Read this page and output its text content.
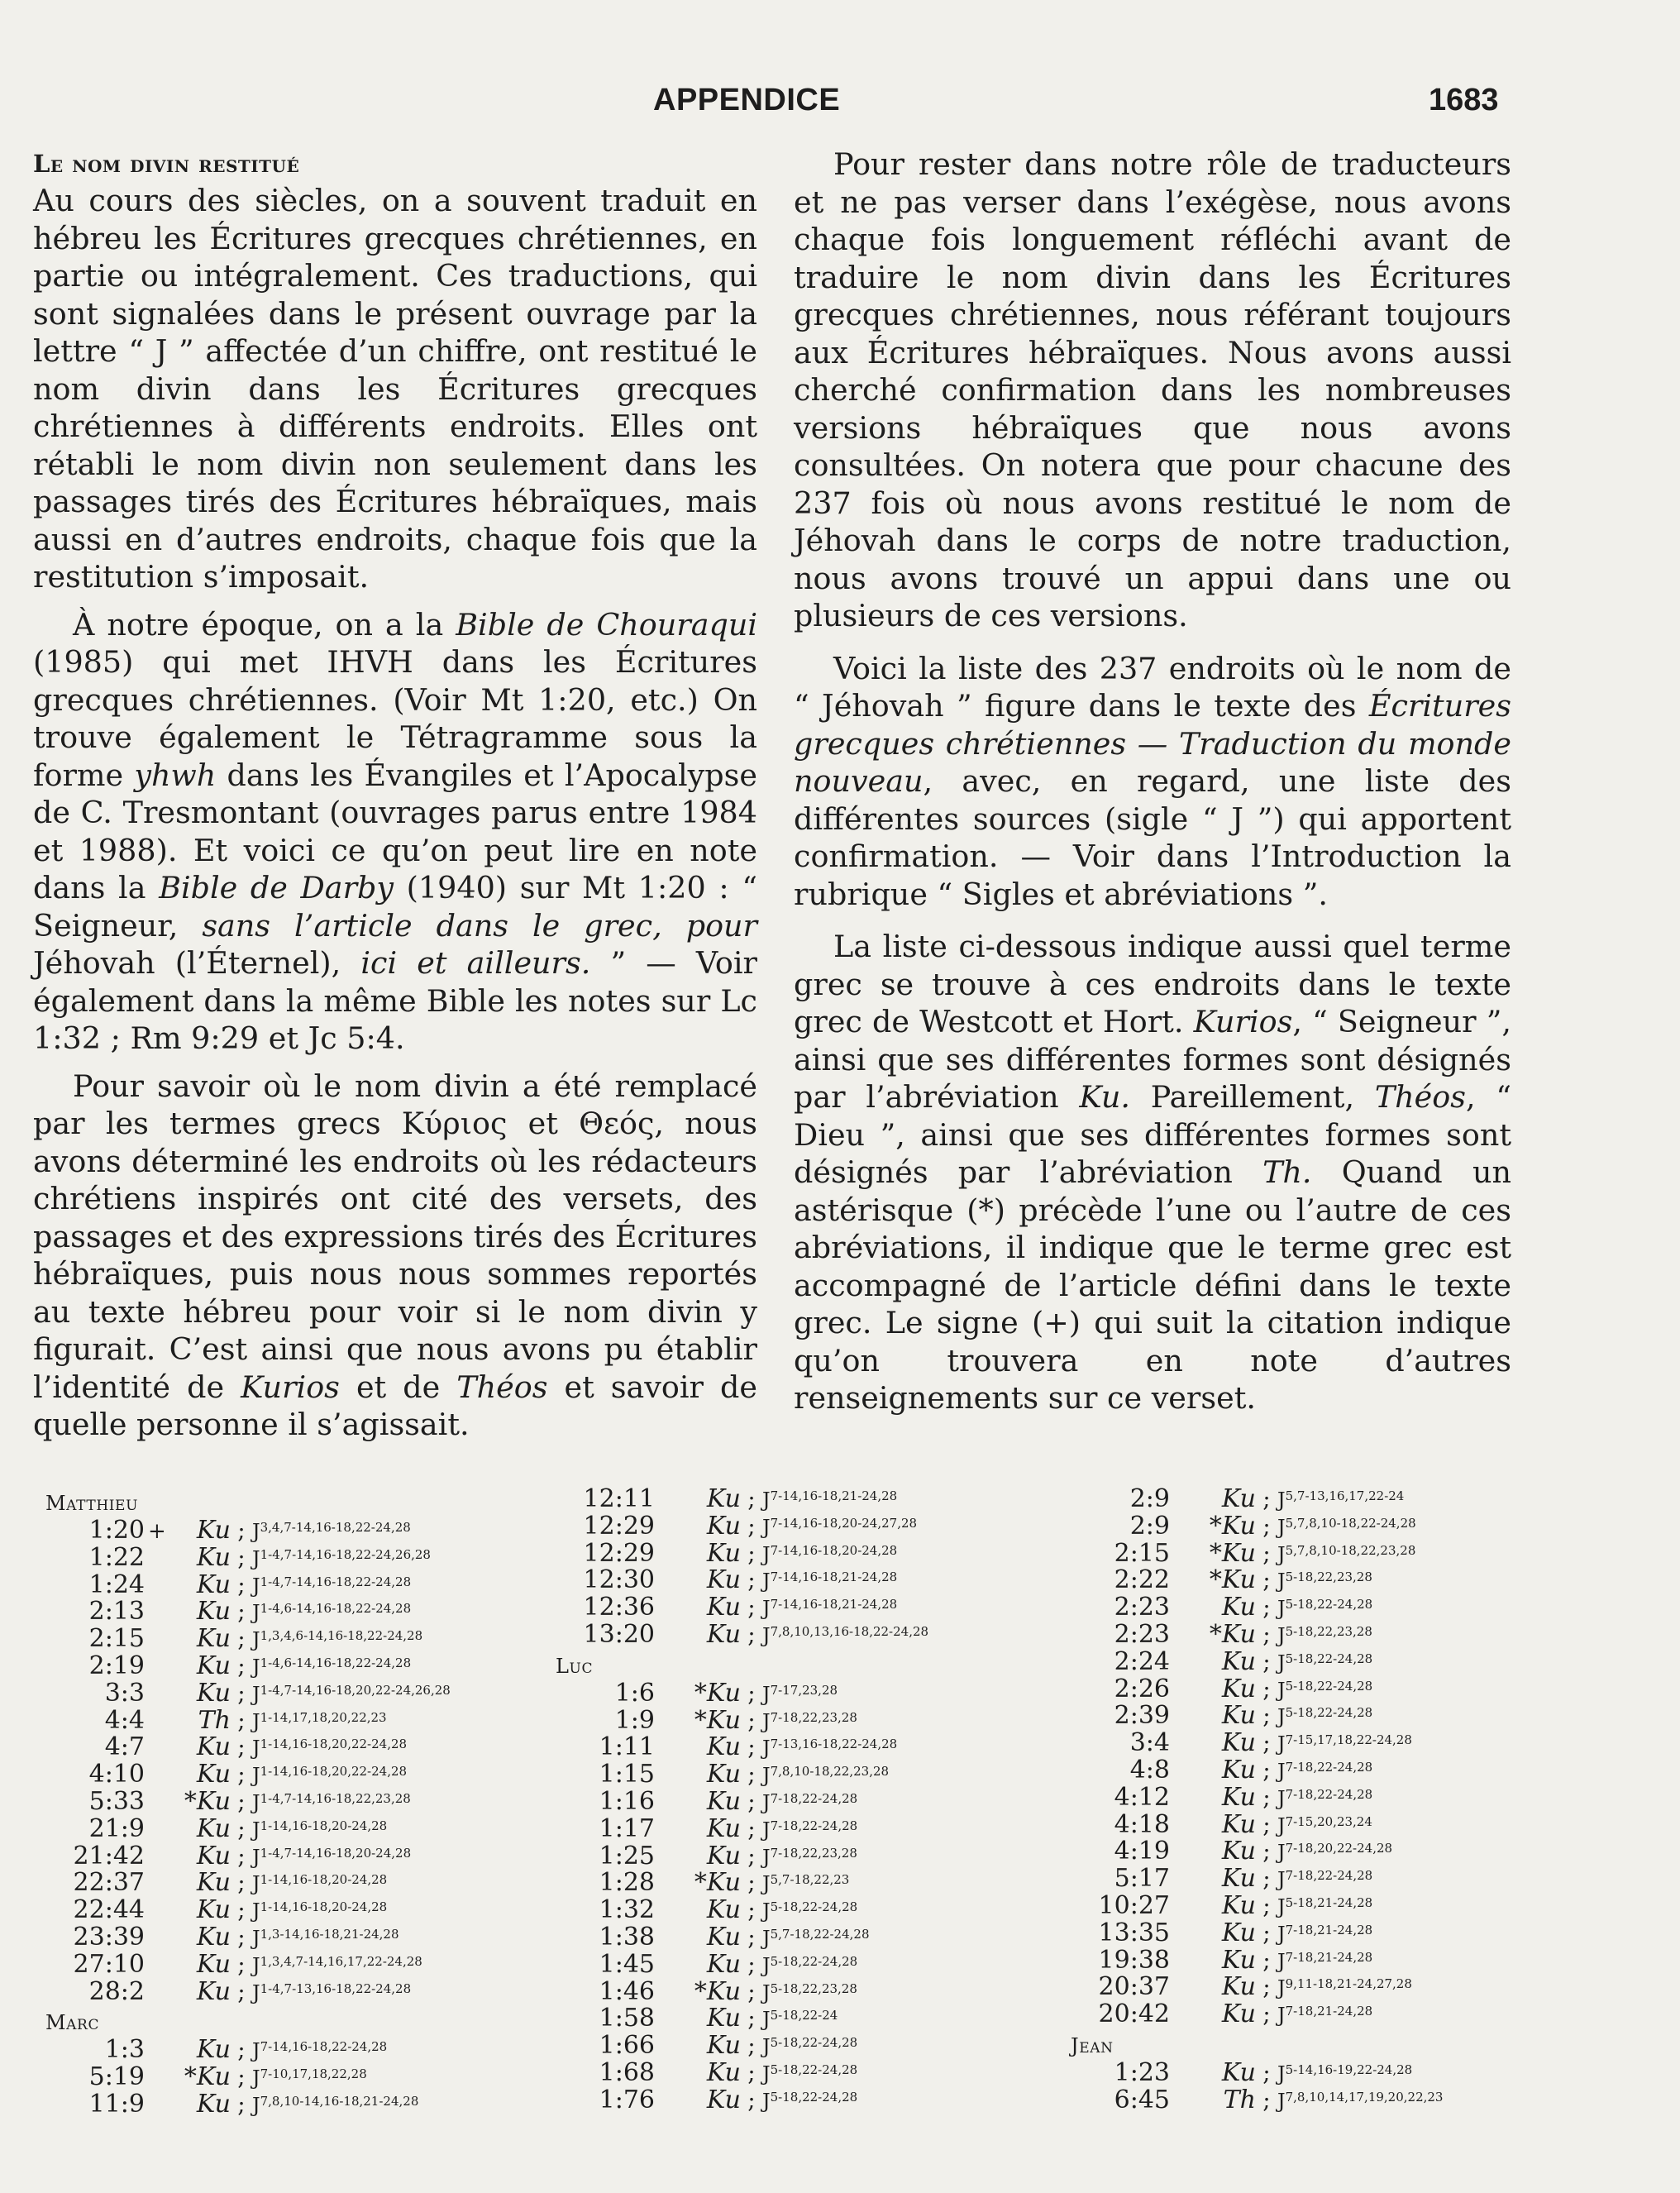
APPENDICE	1683
Le nom divin restitué

Au cours des siècles, on a souvent traduit en hébreu les Écritures grecques chrétiennes, en partie ou intégralement. Ces traductions, qui sont signalées dans le présent ouvrage par la lettre “ J ” affectée d’un chiffre, ont restitué le nom divin dans les Écritures grecques chrétiennes à différents endroits. Elles ont rétabli le nom divin non seulement dans les passages tirés des Écritures hébraïques, mais aussi en d’autres endroits, chaque fois que la restitution s’imposait.

À notre époque, on a la Bible de Chouraqui (1985) qui met IHVH dans les Écritures grecques chrétiennes. (Voir Mt 1:20, etc.) On trouve également le Tétragramme sous la forme yhwh dans les Évangiles et l’Apocalypse de C. Tresmontant (ouvrages parus entre 1984 et 1988). Et voici ce qu’on peut lire en note dans la Bible de Darby (1940) sur Mt 1:20 : “ Seigneur, sans l’article dans le grec, pour Jéhovah (l’Éternel), ici et ailleurs. ” — Voir également dans la même Bible les notes sur Lc 1:32 ; Rm 9:29 et Jc 5:4.

Pour savoir où le nom divin a été remplacé par les termes grecs Κύριος et Θεός, nous avons déterminé les endroits où les rédacteurs chrétiens inspirés ont cité des versets, des passages et des expressions tirés des Écritures hébraïques, puis nous nous sommes reportés au texte hébreu pour voir si le nom divin y figurait. C’est ainsi que nous avons pu établir l’identité de Kurios et de Théos et savoir de quelle personne il s’agissait.

Pour rester dans notre rôle de traducteurs et ne pas verser dans l’exégèse, nous avons chaque fois longuement réfléchi avant de traduire le nom divin dans les Écritures grecques chrétiennes, nous référant toujours aux Écritures hébraïques. Nous avons aussi cherché confirmation dans les nombreuses versions hébraïques que nous avons consultées. On notera que pour chacune des 237 fois où nous avons restitué le nom de Jéhovah dans le corps de notre traduction, nous avons trouvé un appui dans une ou plusieurs de ces versions.

Voici la liste des 237 endroits où le nom de “ Jéhovah ” figure dans le texte des Écritures grecques chrétiennes — Traduction du monde nouveau, avec, en regard, une liste des différentes sources (sigle “ J ”) qui apportent confirmation. — Voir dans l’Introduction la rubrique “ Sigles et abréviations ”.

La liste ci-dessous indique aussi quel terme grec se trouve à ces endroits dans le texte grec de Westcott et Hort. Kurios, “ Seigneur ”, ainsi que ses différentes formes sont désignés par l’abréviation Ku. Pareillement, Théos, “ Dieu ”, ainsi que ses différentes formes sont désignés par l’abréviation Th. Quand un astérisque (*) précède l’une ou l’autre de ces abréviations, il indique que le terme grec est accompagné de l’article défini dans le texte grec. Le signe (+) qui suit la citation indique qu’on trouvera en note d’autres renseignements sur ce verset.

Matthieu
1:20 +	Ku ; J$^{3,4,7-14,16-18,22-24,28}$
1:22	Ku ; J$^{1-4,7-14,16-18,22-24,26,28}$
1:24	Ku ; J$^{1-4,7-14,16-18,22-24,28}$
2:13	Ku ; J$^{1-4,6-14,16-18,22-24,28}$
2:15	Ku ; J$^{1,3,4,6-14,16-18,22-24,28}$
2:19	Ku ; J$^{1-4,6-14,16-18,22-24,28}$
3:3	Ku ; J$^{1-4,7-14,16-18,20,22-24,26,28}$
4:4	Th ; J$^{1-14,17,18,20,22,23}$
4:7	Ku ; J$^{1-14,16-18,20,22-24,28}$
4:10	Ku ; J$^{1-14,16-18,20,22-24,28}$
5:33	*Ku ; J$^{1-4,7-14,16-18,22,23,28}$
21:9	Ku ; J$^{1-14,16-18,20-24,28}$
21:42	Ku ; J$^{1-4,7-14,16-18,20-24,28}$
22:37	Ku ; J$^{1-14,16-18,20-24,28}$
22:44	Ku ; J$^{1-14,16-18,20-24,28}$
23:39	Ku ; J$^{1,3-14,16-18,21-24,28}$
27:10	Ku ; J$^{1,3,4,7-14,16,17,22-24,28}$
28:2	Ku ; J$^{1-4,7-13,16-18,22-24,28}$
Marc
1:3	Ku ; J$^{7-14,16-18,22-24,28}$
5:19	*Ku ; J$^{7-10,17,18,22,28}$
11:9	Ku ; J$^{7,8,10-14,16-18,21-24,28}$
12:11	Ku ; J$^{7-14,16-18,21-24,28}$
12:29	Ku ; J$^{7-14,16-18,20-24,27,28}$
12:29	Ku ; J$^{7-14,16-18,20-24,28}$
12:30	Ku ; J$^{7-14,16-18,21-24,28}$
12:36	Ku ; J$^{7-14,16-18,21-24,28}$
13:20	Ku ; J$^{7,8,10,13,16-18,22-24,28}$
Luc
1:6	*Ku ; J$^{7-17,23,28}$
1:9	*Ku ; J$^{7-18,22,23,28}$
1:11	Ku ; J$^{7-13,16-18,22-24,28}$
1:15	Ku ; J$^{7,8,10-18,22,23,28}$
1:16	Ku ; J$^{7-18,22-24,28}$
1:17	Ku ; J$^{7-18,22-24,28}$
1:25	Ku ; J$^{7-18,22,23,28}$
1:28	*Ku ; J$^{5,7-18,22,23}$
1:32	Ku ; J$^{5-18,22-24,28}$
1:38	Ku ; J$^{5,7-18,22-24,28}$
1:45	Ku ; J$^{5-18,22-24,28}$
1:46	*Ku ; J$^{5-18,22,23,28}$
1:58	Ku ; J$^{5-18,22-24}$
1:66	Ku ; J$^{5-18,22-24,28}$
1:68	Ku ; J$^{5-18,22-24,28}$
1:76	Ku ; J$^{5-18,22-24,28}$
2:9	Ku ; J$^{5,7-13,16,17,22-24}$
2:9	*Ku ; J$^{5,7,8,10-18,22-24,28}$
2:15	*Ku ; J$^{5,7,8,10-18,22,23,28}$
2:22	*Ku ; J$^{5-18,22,23,28}$
2:23	Ku ; J$^{5-18,22-24,28}$
2:23	*Ku ; J$^{5-18,22,23,28}$
2:24	Ku ; J$^{5-18,22-24,28}$
2:26	Ku ; J$^{5-18,22-24,28}$
2:39	Ku ; J$^{5-18,22-24,28}$
3:4	Ku ; J$^{7-15,17,18,22-24,28}$
4:8	Ku ; J$^{7-18,22-24,28}$
4:12	Ku ; J$^{7-18,22-24,28}$
4:18	Ku ; J$^{7-15,20,23,24}$
4:19	Ku ; J$^{7-18,20,22-24,28}$
5:17	Ku ; J$^{7-18,22-24,28}$
10:27	Ku ; J$^{5-18,21-24,28}$
13:35	Ku ; J$^{7-18,21-24,28}$
19:38	Ku ; J$^{7-18,21-24,28}$
20:37	Ku ; J$^{9,11-18,21-24,27,28}$
20:42	Ku ; J$^{7-18,21-24,28}$
Jean
1:23	Ku ; J$^{5-14,16-19,22-24,28}$
6:45	Th ; J$^{7,8,10,14,17,19,20,22,23}$
